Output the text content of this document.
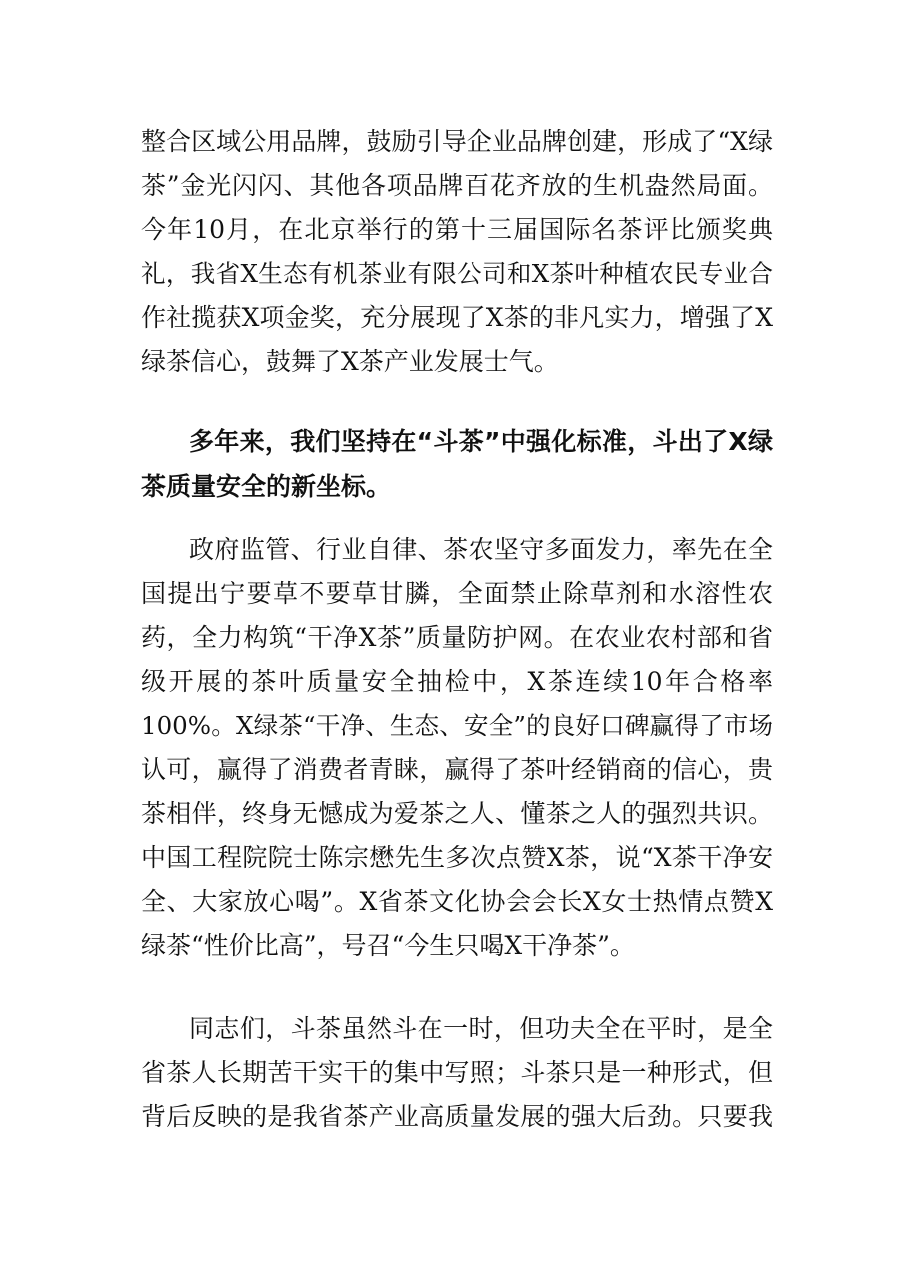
整合区域公用品牌，鼓励引导企业品牌创建，形成了“X绿
茶”金光闪闪、其他各项品牌百花齐放的生机盎然局面。
今年10月，在北京举行的第十三届国际名茶评比颁奖典
礼，我省X生态有机茶业有限公司和X茶叶种植农民专业合
作社揽获X项金奖，充分展现了X茶的非凡实力，增强了X
绿茶信心，鼓舞了X茶产业发展士气。
多年来，我们坚持在“斗茶”中强化标准，斗出了X绿
茶质量安全的新坐标。
政府监管、行业自律、茶农坚守多面发力，率先在全
国提出宁要草不要草甘膦，全面禁止除草剂和水溶性农
药，全力构筑“干净X茶”质量防护网。在农业农村部和省
级开展的茶叶质量安全抽检中，X茶连续10年合格率
100%。X绿茶“干净、生态、安全”的良好口碑赢得了市场
认可，赢得了消费者青睐，赢得了茶叶经销商的信心，贵
茶相伴，终身无憾成为爱茶之人、懂茶之人的强烈共识。
中国工程院院士陈宗懋先生多次点赞X茶，说“X茶干净安
全、大家放心喝”。X省茶文化协会会长X女士热情点赞X
绿茶“性价比高”，号召“今生只喝X干净茶”。
同志们，斗茶虽然斗在一时，但功夫全在平时，是全
省茶人长期苦干实干的集中写照；斗茶只是一种形式，但
背后反映的是我省茶产业高质量发展的强大后劲。只要我
